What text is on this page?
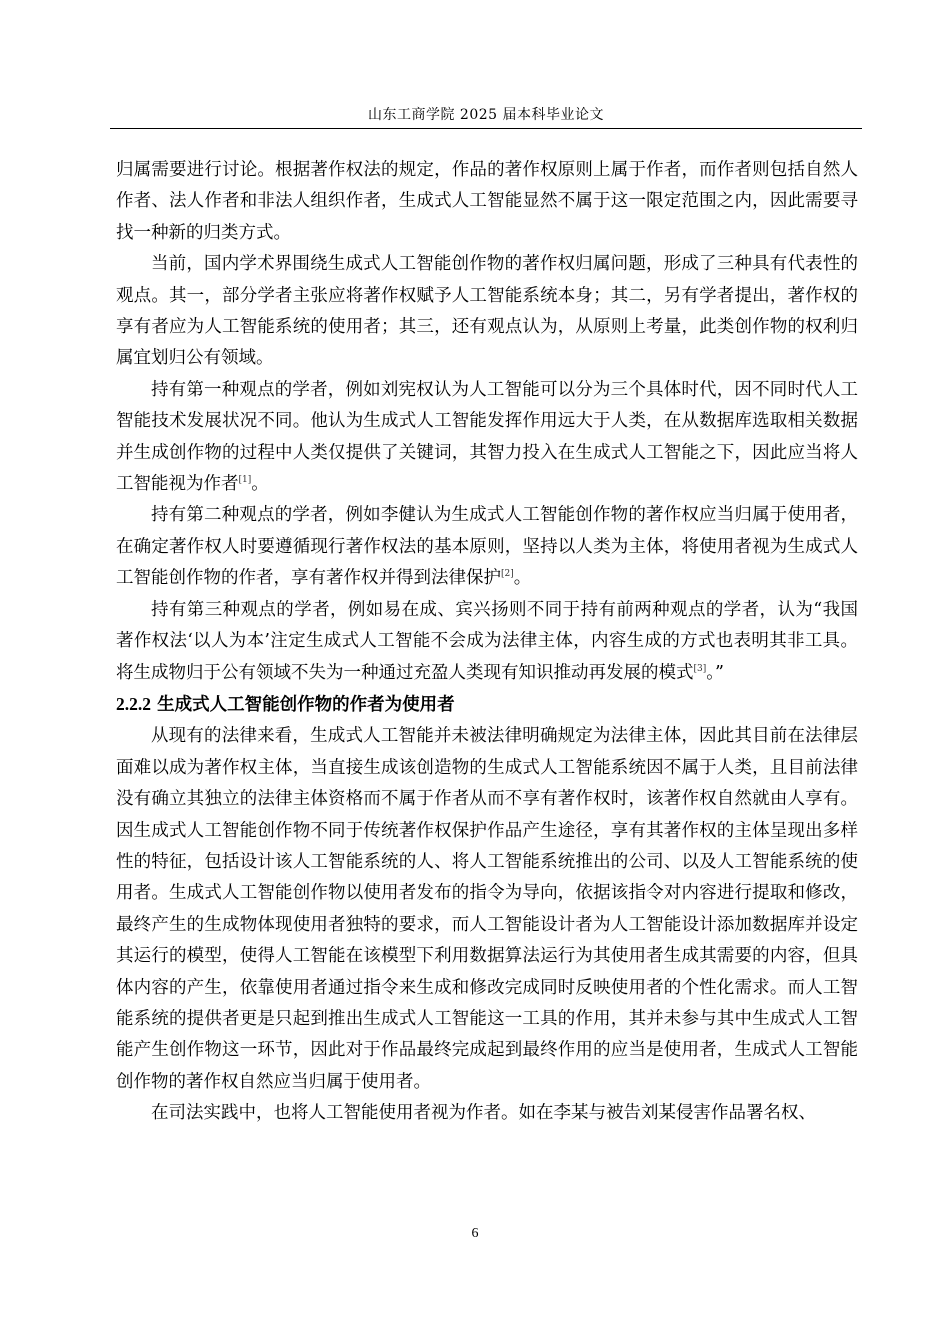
山东工商学院 2025 届本科毕业论文

归属需要进行讨论。根据著作权法的规定，作品的著作权原则上属于作者，而作者则包括自然人作者、法人作者和非法人组织作者，生成式人工智能显然不属于这一限定范围之内，因此需要寻找一种新的归类方式。

当前，国内学术界围绕生成式人工智能创作物的著作权归属问题，形成了三种具有代表性的观点。其一，部分学者主张应将著作权赋予人工智能系统本身；其二，另有学者提出，著作权的享有者应为人工智能系统的使用者；其三，还有观点认为，从原则上考量，此类创作物的权利归属宜划归公有领域。

持有第一种观点的学者，例如刘宪权认为人工智能可以分为三个具体时代，因不同时代人工智能技术发展状况不同。他认为生成式人工智能发挥作用远大于人类，在从数据库选取相关数据并生成创作物的过程中人类仅提供了关键词，其智力投入在生成式人工智能之下，因此应当将人工智能视为作者[1]。

持有第二种观点的学者，例如李健认为生成式人工智能创作物的著作权应当归属于使用者，在确定著作权人时要遵循现行著作权法的基本原则，坚持以人类为主体，将使用者视为生成式人工智能创作物的作者，享有著作权并得到法律保护[2]。

持有第三种观点的学者，例如易在成、宾兴扬则不同于持有前两种观点的学者，认为“我国著作权法‘以人为本’注定生成式人工智能不会成为法律主体，内容生成的方式也表明其非工具。将生成物归于公有领域不失为一种通过充盈人类现有知识推动再发展的模式[3]。”

2.2.2 生成式人工智能创作物的作者为使用者

从现有的法律来看，生成式人工智能并未被法律明确规定为法律主体，因此其目前在法律层面难以成为著作权主体，当直接生成该创造物的生成式人工智能系统因不属于人类，且目前法律没有确立其独立的法律主体资格而不属于作者从而不享有著作权时，该著作权自然就由人享有。因生成式人工智能创作物不同于传统著作权保护作品产生途径，享有其著作权的主体呈现出多样性的特征，包括设计该人工智能系统的人、将人工智能系统推出的公司、以及人工智能系统的使用者。生成式人工智能创作物以使用者发布的指令为导向，依据该指令对内容进行提取和修改，最终产生的生成物体现使用者独特的要求，而人工智能设计者为人工智能设计添加数据库并设定其运行的模型，使得人工智能在该模型下利用数据算法运行为其使用者生成其需要的内容，但具体内容的产生，依靠使用者通过指令来生成和修改完成同时反映使用者的个性化需求。而人工智能系统的提供者更是只起到推出生成式人工智能这一工具的作用，其并未参与其中生成式人工智能产生创作物这一环节，因此对于作品最终完成起到最终作用的应当是使用者，生成式人工智能创作物的著作权自然应当归属于使用者。

在司法实践中，也将人工智能使用者视为作者。如在李某与被告刘某侵害作品署名权、

6
